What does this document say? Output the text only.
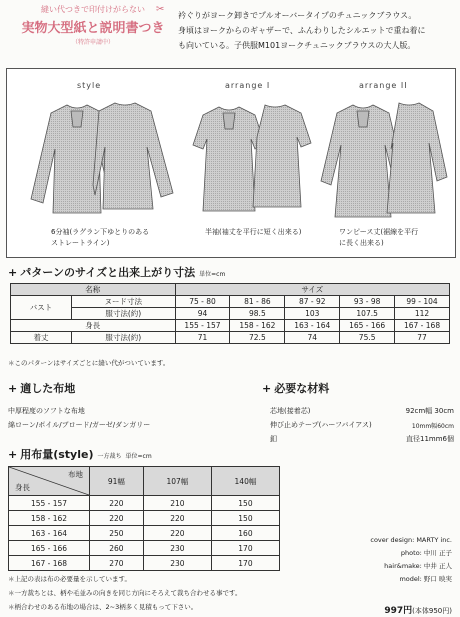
縫い代つきで印付けがらない
実物大型紙と説明書つき
（特許申請中）
✂
衿ぐりがヨーク卸きでプルオーバータイプのチュニックブラウス。
身頃はヨークからのギャザーで、ふんわりしたシルエットで重ね着に
も向いている。子供服M101ヨークチュニックブラウスの大人版。
style	arrange I	arrange II
6分袖(ラグラン下ゆとりのある
ストレートライン)
半袖(袖丈を平行に短く出来る)	ワンピース丈(裾線を平行
に長く出来る)
+ パターンのサイズと出来上がり寸法 単位=cm
名称		サイズ				
バスト	ヌード寸法	75 - 80	81 - 86	87 - 92	93 - 98	99 - 104
	服寸法(約)	94	98.5	103	107.5	112
身長		155 - 157	158 - 162	163 - 164	165 - 166	167 - 168
着丈	服寸法(約)	71	72.5	74	75.5	77
＊このパターンはサイズごとに縫い代がついています。
+ 適した布地
中厚程度のソフトな布地
綿ローン/ボイル/ブロード/ガーゼ/ダンガリー
+ 必要な材料
芯地(接着芯)	92cm幅 30cm
伸び止めテープ(ハーフバイアス)	10mm幅60cm
釦	直径11mm6個
+ 用布量(style) 一方裁ち 単位=cm
布地
身長	91幅	107幅	140幅
155 - 157	220	210	150
158 - 162	220	220	150
163 - 164	250	220	160
165 - 166	260	230	170
167 - 168	270	230	170
＊上記の表は布の必要量を示しています。
＊一方裁ちとは、柄や毛並みの向きを同じ方向にそろえて裁ち合わせる事です。
＊柄合わせのある布地の場合は、2~3柄多く見積もって下さい。
cover design: MARTY inc.
photo: 中川 正子
hair&make: 中井 正人
model: 野口 映実
997円(本体950円)
